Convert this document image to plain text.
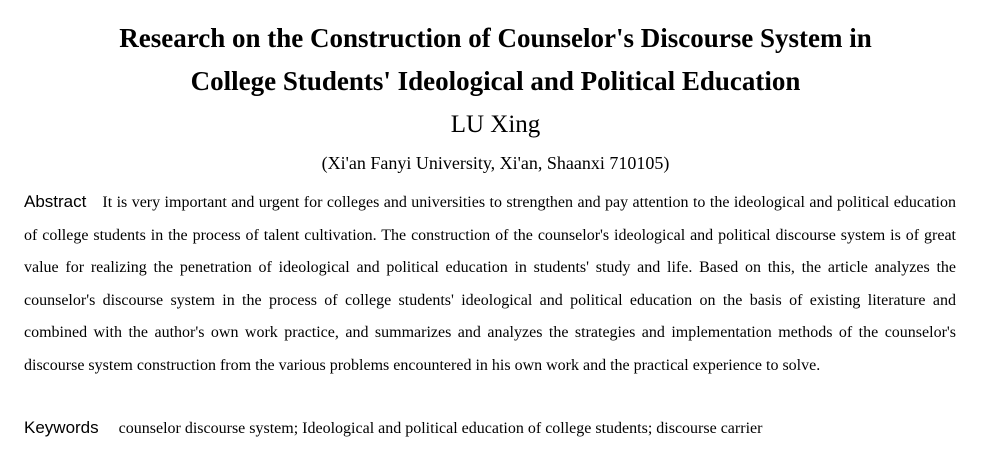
Research on the Construction of Counselor's Discourse System in
College Students' Ideological and Political Education
LU Xing
(Xi'an Fanyi University, Xi'an, Shaanxi 710105)

Abstract It is very important and urgent for colleges and universities to strengthen and pay attention to the ideological and political education of college students in the process of talent cultivation. The construction of the counselor's ideological and political discourse system is of great value for realizing the penetration of ideological and political education in students' study and life. Based on this, the article analyzes the counselor's discourse system in the process of college students' ideological and political education on the basis of existing literature and combined with the author's own work practice, and summarizes and analyzes the strategies and implementation methods of the counselor's discourse system construction from the various problems encountered in his own work and the practical experience to solve.

Keywords counselor discourse system; Ideological and political education of college students; discourse carrier
